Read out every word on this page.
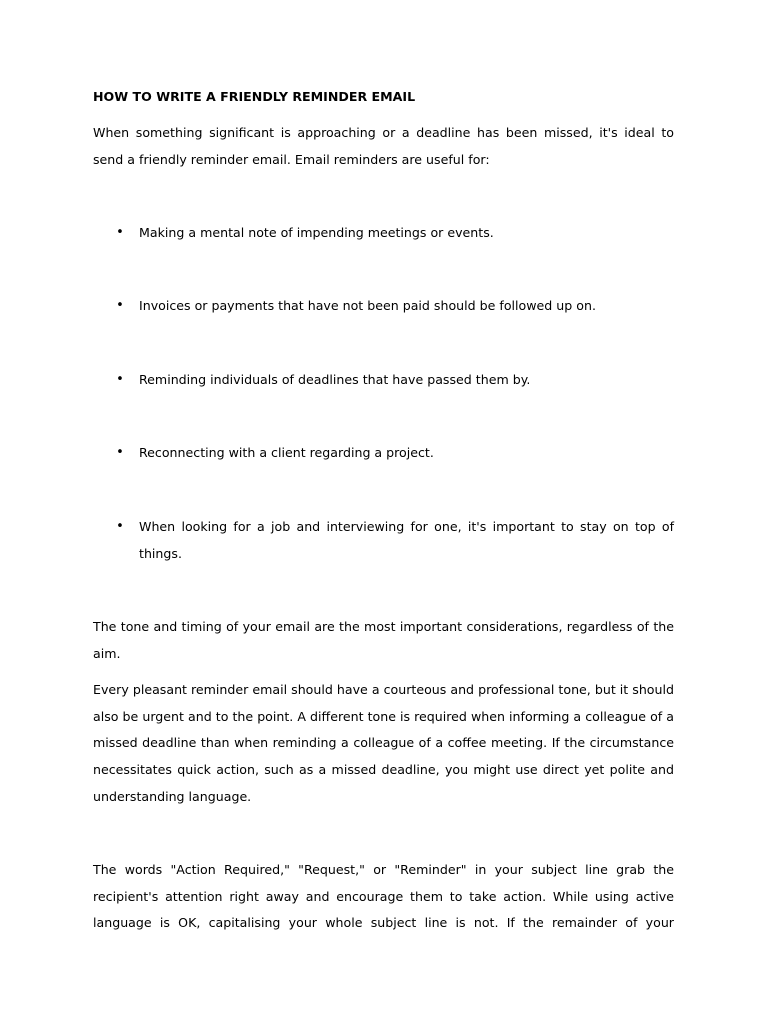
HOW TO WRITE A FRIENDLY REMINDER EMAIL
When something significant is approaching or a deadline has been missed, it's ideal to send a friendly reminder email. Email reminders are useful for:
• Making a mental note of impending meetings or events.
• Invoices or payments that have not been paid should be followed up on.
• Reminding individuals of deadlines that have passed them by.
• Reconnecting with a client regarding a project.
• When looking for a job and interviewing for one, it's important to stay on top of things.
The tone and timing of your email are the most important considerations, regardless of the aim.
Every pleasant reminder email should have a courteous and professional tone, but it should also be urgent and to the point. A different tone is required when informing a colleague of a missed deadline than when reminding a colleague of a coffee meeting. If the circumstance necessitates quick action, such as a missed deadline, you might use direct yet polite and understanding language.
The words "Action Required," "Request," or "Reminder" in your subject line grab the recipient's attention right away and encourage them to take action. While using active language is OK, capitalising your whole subject line is not. If the remainder of your
